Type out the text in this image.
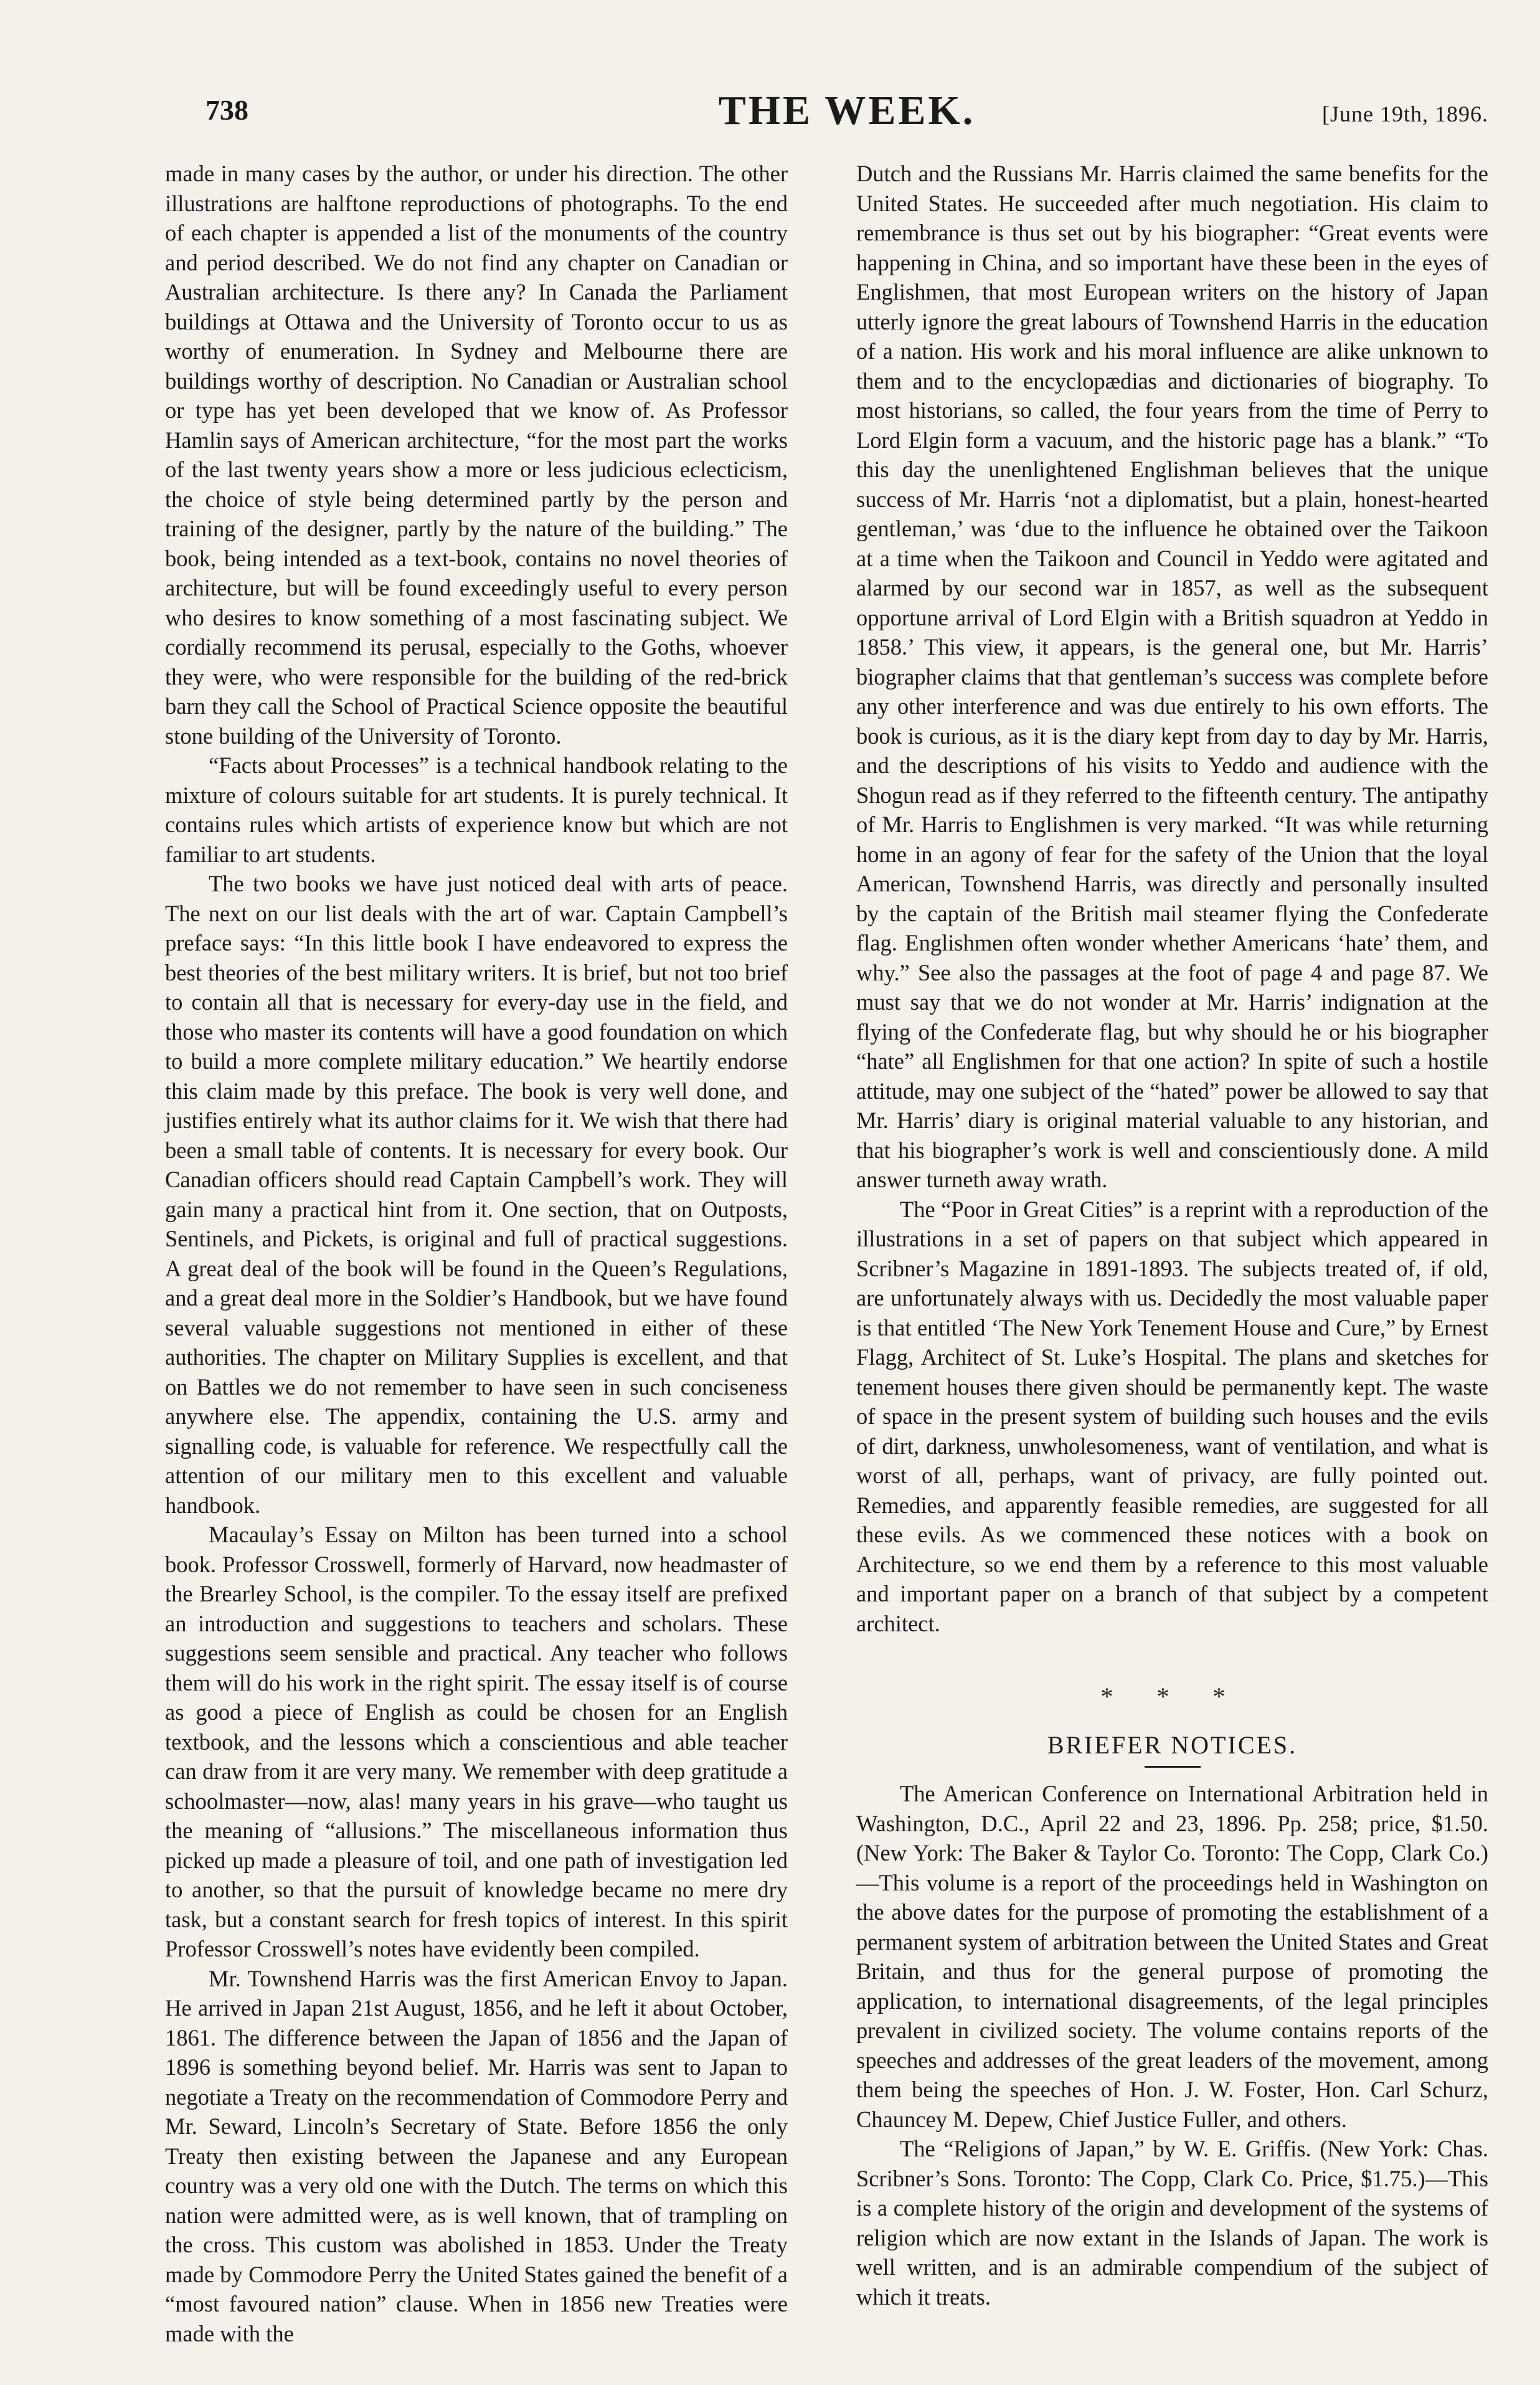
738	THE WEEK.	[June 19th, 1896.

made in many cases by the author, or under his direction. The other illustrations are halftone reproductions of photographs. To the end of each chapter is appended a list of the monuments of the country and period described. We do not find any chapter on Canadian or Australian architecture. Is there any? In Canada the Parliament buildings at Ottawa and the University of Toronto occur to us as worthy of enumeration. In Sydney and Melbourne there are buildings worthy of description. No Canadian or Australian school or type has yet been developed that we know of. As Professor Hamlin says of American architecture, “for the most part the works of the last twenty years show a more or less judicious eclecticism, the choice of style being determined partly by the person and training of the designer, partly by the nature of the building.” The book, being intended as a text-book, contains no novel theories of architecture, but will be found exceedingly useful to every person who desires to know something of a most fascinating subject. We cordially recommend its perusal, especially to the Goths, whoever they were, who were responsible for the building of the red-brick barn they call the School of Practical Science opposite the beautiful stone building of the University of Toronto.

“Facts about Processes” is a technical handbook relating to the mixture of colours suitable for art students. It is purely technical. It contains rules which artists of experience know but which are not familiar to art students.

The two books we have just noticed deal with arts of peace. The next on our list deals with the art of war. Captain Campbell’s preface says: “In this little book I have endeavored to express the best theories of the best military writers. It is brief, but not too brief to contain all that is necessary for every-day use in the field, and those who master its contents will have a good foundation on which to build a more complete military education.” We heartily endorse this claim made by this preface. The book is very well done, and justifies entirely what its author claims for it. We wish that there had been a small table of contents. It is necessary for every book. Our Canadian officers should read Captain Campbell’s work. They will gain many a practical hint from it. One section, that on Outposts, Sentinels, and Pickets, is original and full of practical suggestions. A great deal of the book will be found in the Queen’s Regulations, and a great deal more in the Soldier’s Handbook, but we have found several valuable suggestions not mentioned in either of these authorities. The chapter on Military Supplies is excellent, and that on Battles we do not remember to have seen in such conciseness anywhere else. The appendix, containing the U.S. army and signalling code, is valuable for reference. We respectfully call the attention of our military men to this excellent and valuable handbook.

Macaulay’s Essay on Milton has been turned into a school book. Professor Crosswell, formerly of Harvard, now headmaster of the Brearley School, is the compiler. To the essay itself are prefixed an introduction and suggestions to teachers and scholars. These suggestions seem sensible and practical. Any teacher who follows them will do his work in the right spirit. The essay itself is of course as good a piece of English as could be chosen for an English textbook, and the lessons which a conscientious and able teacher can draw from it are very many. We remember with deep gratitude a schoolmaster—now, alas! many years in his grave—who taught us the meaning of “allusions.” The miscellaneous information thus picked up made a pleasure of toil, and one path of investigation led to another, so that the pursuit of knowledge became no mere dry task, but a constant search for fresh topics of interest. In this spirit Professor Crosswell’s notes have evidently been compiled.

Mr. Townshend Harris was the first American Envoy to Japan. He arrived in Japan 21st August, 1856, and he left it about October, 1861. The difference between the Japan of 1856 and the Japan of 1896 is something beyond belief. Mr. Harris was sent to Japan to negotiate a Treaty on the recommendation of Commodore Perry and Mr. Seward, Lincoln’s Secretary of State. Before 1856 the only Treaty then existing between the Japanese and any European country was a very old one with the Dutch. The terms on which this nation were admitted were, as is well known, that of trampling on the cross. This custom was abolished in 1853. Under the Treaty made by Commodore Perry the United States gained the benefit of a “most favoured nation” clause. When in 1856 new Treaties were made with the

Dutch and the Russians Mr. Harris claimed the same benefits for the United States. He succeeded after much negotiation. His claim to remembrance is thus set out by his biographer: “Great events were happening in China, and so important have these been in the eyes of Englishmen, that most European writers on the history of Japan utterly ignore the great labours of Townshend Harris in the education of a nation. His work and his moral influence are alike unknown to them and to the encyclopædias and dictionaries of biography. To most historians, so called, the four years from the time of Perry to Lord Elgin form a vacuum, and the historic page has a blank.” “To this day the unenlightened Englishman believes that the unique success of Mr. Harris ‘not a diplomatist, but a plain, honest-hearted gentleman,’ was ‘due to the influence he obtained over the Taikoon at a time when the Taikoon and Council in Yeddo were agitated and alarmed by our second war in 1857, as well as the subsequent opportune arrival of Lord Elgin with a British squadron at Yeddo in 1858.’ This view, it appears, is the general one, but Mr. Harris’ biographer claims that that gentleman’s success was complete before any other interference and was due entirely to his own efforts. The book is curious, as it is the diary kept from day to day by Mr. Harris, and the descriptions of his visits to Yeddo and audience with the Shogun read as if they referred to the fifteenth century. The antipathy of Mr. Harris to Englishmen is very marked. “It was while returning home in an agony of fear for the safety of the Union that the loyal American, Townshend Harris, was directly and personally insulted by the captain of the British mail steamer flying the Confederate flag. Englishmen often wonder whether Americans ‘hate’ them, and why.” See also the passages at the foot of page 4 and page 87. We must say that we do not wonder at Mr. Harris’ indignation at the flying of the Confederate flag, but why should he or his biographer “hate” all Englishmen for that one action? In spite of such a hostile attitude, may one subject of the “hated” power be allowed to say that Mr. Harris’ diary is original material valuable to any historian, and that his biographer’s work is well and conscientiously done. A mild answer turneth away wrath.

The “Poor in Great Cities” is a reprint with a reproduction of the illustrations in a set of papers on that subject which appeared in Scribner’s Magazine in 1891-1893. The subjects treated of, if old, are unfortunately always with us. Decidedly the most valuable paper is that entitled ‘The New York Tenement House and Cure,” by Ernest Flagg, Architect of St. Luke’s Hospital. The plans and sketches for tenement houses there given should be permanently kept. The waste of space in the present system of building such houses and the evils of dirt, darkness, unwholesomeness, want of ventilation, and what is worst of all, perhaps, want of privacy, are fully pointed out. Remedies, and apparently feasible remedies, are suggested for all these evils. As we commenced these notices with a book on Architecture, so we end them by a reference to this most valuable and important paper on a branch of that subject by a competent architect.

* * *
BRIEFER NOTICES.

The American Conference on International Arbitration held in Washington, D.C., April 22 and 23, 1896. Pp. 258; price, $1.50. (New York: The Baker & Taylor Co. Toronto: The Copp, Clark Co.)—This volume is a report of the proceedings held in Washington on the above dates for the purpose of promoting the establishment of a permanent system of arbitration between the United States and Great Britain, and thus for the general purpose of promoting the application, to international disagreements, of the legal principles prevalent in civilized society. The volume contains reports of the speeches and addresses of the great leaders of the movement, among them being the speeches of Hon. J. W. Foster, Hon. Carl Schurz, Chauncey M. Depew, Chief Justice Fuller, and others.

The “Religions of Japan,” by W. E. Griffis. (New York: Chas. Scribner’s Sons. Toronto: The Copp, Clark Co. Price, $1.75.)—This is a complete history of the origin and development of the systems of religion which are now extant in the Islands of Japan. The work is well written, and is an admirable compendium of the subject of which it treats.
